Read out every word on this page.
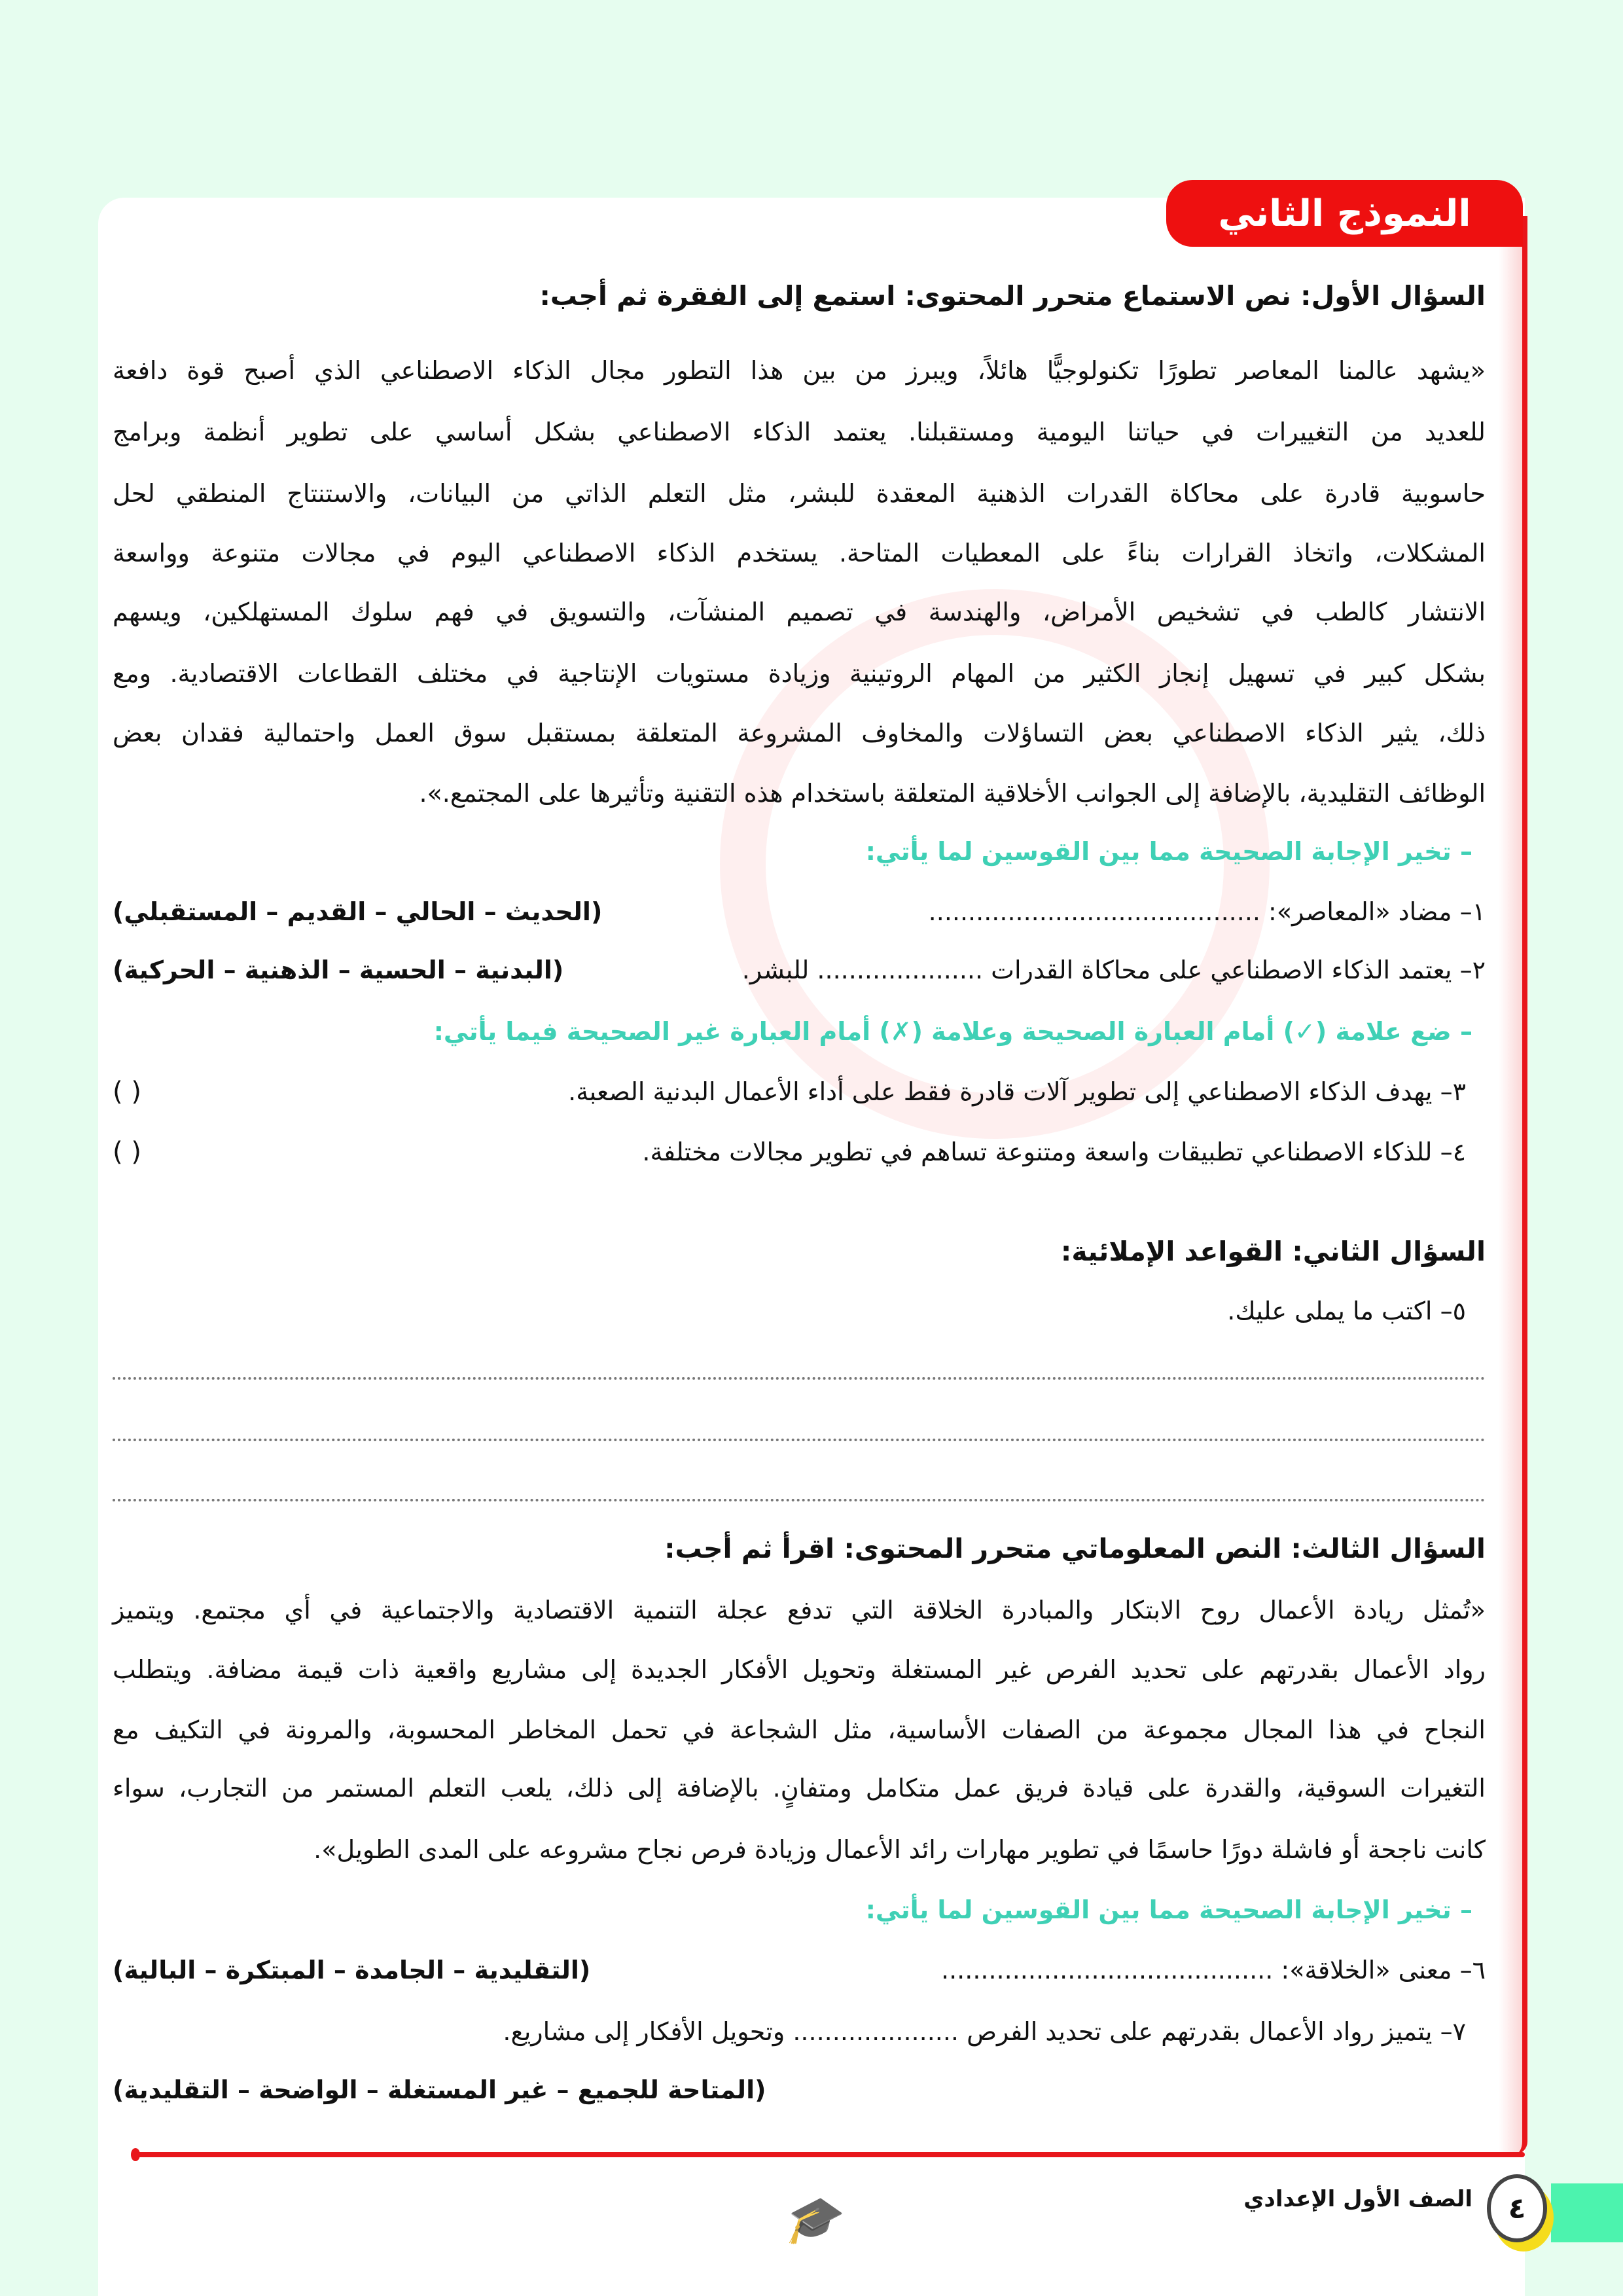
النموذج الثاني
السؤال الأول: نص الاستماع متحرر المحتوى: استمع إلى الفقرة ثم أجب:
«يشهد عالمنا المعاصر تطورًا تكنولوجيًّا هائلاً، ويبرز من بين هذا التطور مجال الذكاء الاصطناعي الذي أصبح قوة دافعة
للعديد من التغييرات في حياتنا اليومية ومستقبلنا. يعتمد الذكاء الاصطناعي بشكل أساسي على تطوير أنظمة وبرامج
حاسوبية قادرة على محاكاة القدرات الذهنية المعقدة للبشر، مثل التعلم الذاتي من البيانات، والاستنتاج المنطقي لحل
المشكلات، واتخاذ القرارات بناءً على المعطيات المتاحة. يستخدم الذكاء الاصطناعي اليوم في مجالات متنوعة وواسعة
الانتشار كالطب في تشخيص الأمراض، والهندسة في تصميم المنشآت، والتسويق في فهم سلوك المستهلكين، ويسهم
بشكل كبير في تسهيل إنجاز الكثير من المهام الروتينية وزيادة مستويات الإنتاجية في مختلف القطاعات الاقتصادية. ومع
ذلك، يثير الذكاء الاصطناعي بعض التساؤلات والمخاوف المشروعة المتعلقة بمستقبل سوق العمل واحتمالية فقدان بعض
الوظائف التقليدية، بالإضافة إلى الجوانب الأخلاقية المتعلقة باستخدام هذه التقنية وتأثيرها على المجتمع.».
– تخير الإجابة الصحيحة مما بين القوسين لما يأتي:
١– مضاد «المعاصر»: ..........................................
(الحديث – الحالي – القديم – المستقبلي)
٢– يعتمد الذكاء الاصطناعي على محاكاة القدرات ..................... للبشر.
(البدنية – الحسية – الذهنية – الحركية)
– ضع علامة (✓) أمام العبارة الصحيحة وعلامة (✗) أمام العبارة غير الصحيحة فيما يأتي:
٣– يهدف الذكاء الاصطناعي إلى تطوير آلات قادرة فقط على أداء الأعمال البدنية الصعبة.
( )
٤– للذكاء الاصطناعي تطبيقات واسعة ومتنوعة تساهم في تطوير مجالات مختلفة.
( )
السؤال الثاني: القواعد الإملائية:
٥– اكتب ما يملى عليك.
السؤال الثالث: النص المعلوماتي متحرر المحتوى: اقرأ ثم أجب:
«تُمثل ريادة الأعمال روح الابتكار والمبادرة الخلاقة التي تدفع عجلة التنمية الاقتصادية والاجتماعية في أي مجتمع. ويتميز
رواد الأعمال بقدرتهم على تحديد الفرص غير المستغلة وتحويل الأفكار الجديدة إلى مشاريع واقعية ذات قيمة مضافة. ويتطلب
النجاح في هذا المجال مجموعة من الصفات الأساسية، مثل الشجاعة في تحمل المخاطر المحسوبة، والمرونة في التكيف مع
التغيرات السوقية، والقدرة على قيادة فريق عمل متكامل ومتفانٍ. بالإضافة إلى ذلك، يلعب التعلم المستمر من التجارب، سواء
كانت ناجحة أو فاشلة دورًا حاسمًا في تطوير مهارات رائد الأعمال وزيادة فرص نجاح مشروعه على المدى الطويل».
– تخير الإجابة الصحيحة مما بين القوسين لما يأتي:
٦– معنى «الخلاقة»: ..........................................
(التقليدية – الجامدة – المبتكرة – البالية)
٧– يتميز رواد الأعمال بقدرتهم على تحديد الفرص ..................... وتحويل الأفكار إلى مشاريع.
(المتاحة للجميع – غير المستغلة – الواضحة – التقليدية)
🎓	٤
الصف الأول الإعدادي
